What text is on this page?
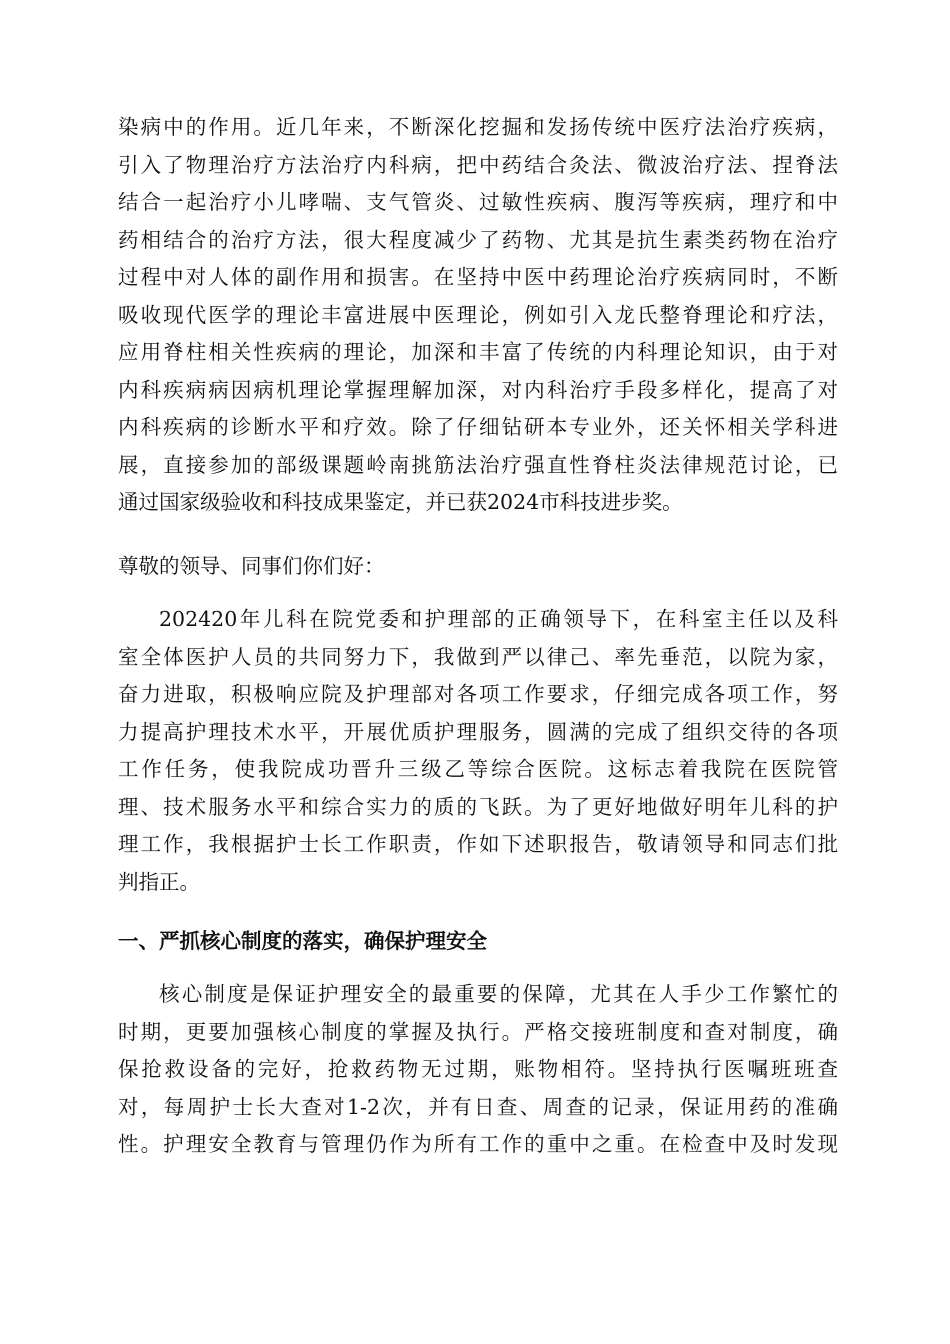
染病中的作用。近几年来，不断深化挖掘和发扬传统中医疗法治疗疾病，
引入了物理治疗方法治疗内科病，把中药结合灸法、微波治疗法、捏脊法
结合一起治疗小儿哮喘、支气管炎、过敏性疾病、腹泻等疾病，理疗和中
药相结合的治疗方法，很大程度减少了药物、尤其是抗生素类药物在治疗
过程中对人体的副作用和损害。在坚持中医中药理论治疗疾病同时，不断
吸收现代医学的理论丰富进展中医理论，例如引入龙氏整脊理论和疗法，
应用脊柱相关性疾病的理论，加深和丰富了传统的内科理论知识，由于对
内科疾病病因病机理论掌握理解加深，对内科治疗手段多样化，提高了对
内科疾病的诊断水平和疗效。除了仔细钻研本专业外，还关怀相关学科进
展，直接参加的部级课题岭南挑筋法治疗强直性脊柱炎法律规范讨论，已
通过国家级验收和科技成果鉴定，并已获2024市科技进步奖。
尊敬的领导、同事们你们好：
202420年儿科在院党委和护理部的正确领导下，在科室主任以及科
室全体医护人员的共同努力下，我做到严以律己、率先垂范，以院为家，
奋力进取，积极响应院及护理部对各项工作要求，仔细完成各项工作，努
力提高护理技术水平，开展优质护理服务，圆满的完成了组织交待的各项
工作任务，使我院成功晋升三级乙等综合医院。这标志着我院在医院管
理、技术服务水平和综合实力的质的飞跃。为了更好地做好明年儿科的护
理工作，我根据护士长工作职责，作如下述职报告，敬请领导和同志们批
判指正。
一、严抓核心制度的落实，确保护理安全
核心制度是保证护理安全的最重要的保障，尤其在人手少工作繁忙的
时期，更要加强核心制度的掌握及执行。严格交接班制度和查对制度，确
保抢救设备的完好，抢救药物无过期，账物相符。坚持执行医嘱班班查
对，每周护士长大查对1-2次，并有日查、周查的记录，保证用药的准确
性。护理安全教育与管理仍作为所有工作的重中之重。在检查中及时发现
